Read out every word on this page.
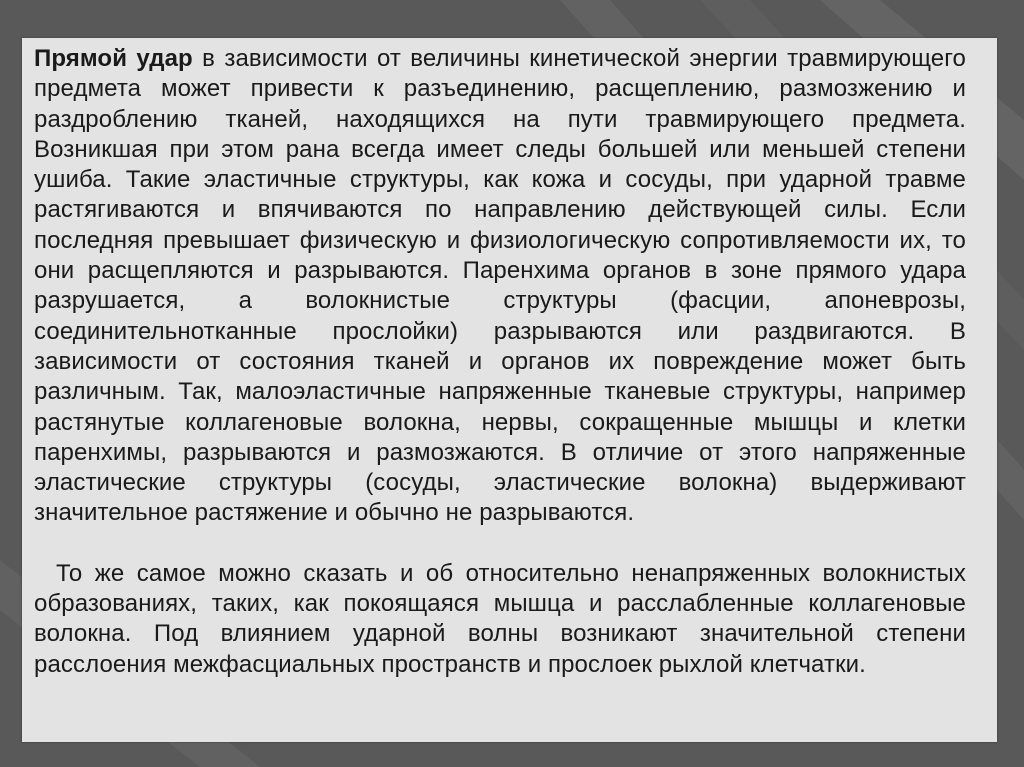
Прямой удар в зависимости от величины кинетической энергии травмирующего предмета может привести к разъединению, расщеплению, размозжению и раздроблению тканей, находящихся на пути травмирующего предмета. Возникшая при этом рана всегда имеет следы большей или меньшей степени ушиба. Такие эластичные структуры, как кожа и сосуды, при ударной травме растягиваются и впячиваются по направлению действующей силы. Если последняя превышает физическую и физиологическую сопротивляемости их, то они расщепляются и разрываются. Паренхима органов в зоне прямого удара разрушается, а волокнистые структуры (фасции, апоневрозы, соединительнотканные прослойки) разрываются или раздвигаются. В зависимости от состояния тканей и органов их повреждение может быть различным. Так, малоэластичные напряженные тканевые структуры, например растянутые коллагеновые волокна, нервы, сокращенные мышцы и клетки паренхимы, разрываются и размозжаются. В отличие от этого напряженные эластические структуры (сосуды, эластические волокна) выдерживают значительное растяжение и обычно не разрываются.

То же самое можно сказать и об относительно ненапряженных волокнистых образованиях, таких, как покоящаяся мышца и расслабленные коллагеновые волокна. Под влиянием ударной волны возникают значительной степени расслоения межфасциальных пространств и прослоек рыхлой клетчатки.
